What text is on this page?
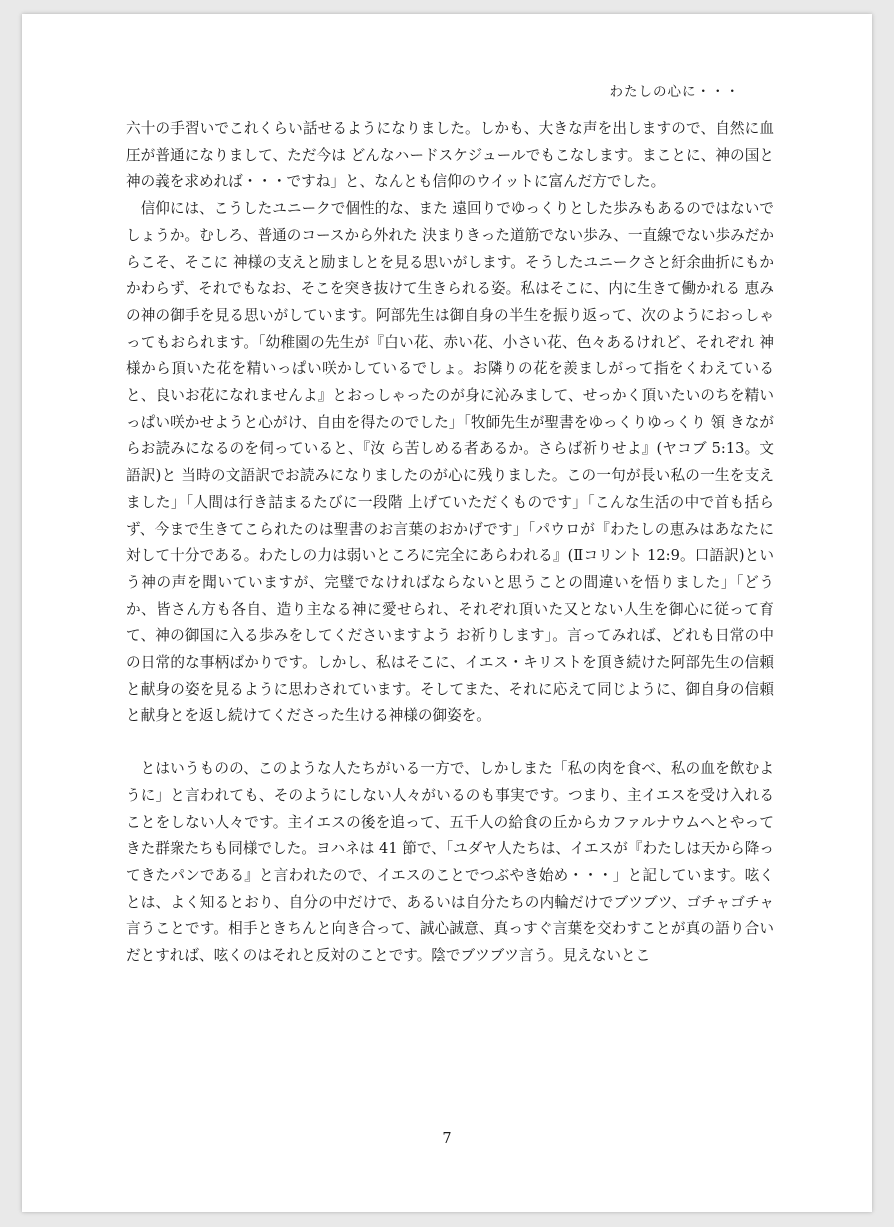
わたしの心に・・・

六十の手習いでこれくらい話せるようになりました。しかも、大きな声を出しますので、自然に血圧が普通になりまして、ただ今は どんなハードスケジュールでもこなします。まことに、神の国と神の義を求めれば・・・ですね」と、なんとも信仰のウイットに富んだ方でした。

信仰には、こうしたユニークで個性的な、また 遠回りでゆっくりとした歩みもあるのではないでしょうか。むしろ、普通のコースから外れた 決まりきった道筋でない歩み、一直線でない歩みだからこそ、そこに 神様の支えと励ましとを見る思いがします。そうしたユニークさと紆余曲折にもかかわらず、それでもなお、そこを突き抜けて生きられる姿。私はそこに、内に生きて働かれる 恵みの神の御手を見る思いがしています。阿部先生は御自身の半生を振り返って、次のようにおっしゃってもおられます。「幼稚園の先生が『白い花、赤い花、小さい花、色々あるけれど、それぞれ 神様から頂いた花を精いっぱい咲かしているでしょ。お隣りの花を羨ましがって指をくわえていると、良いお花になれませんよ』とおっしゃったのが身に沁みまして、せっかく頂いたいのちを精いっぱい咲かせようと心がけ、自由を得たのでした」「牧師先生が聖書をゆっくりゆっくり 領 きながらお読みになるのを伺っていると、『汝 ら苦しめる者あるか。さらば祈りせよ』(ヤコブ 5:13。文語訳)と 当時の文語訳でお読みになりましたのが心に残りました。この一句が長い私の一生を支えました」「人間は行き詰まるたびに一段階 上げていただくものです」「こんな生活の中で首も括らず、今まで生きてこられたのは聖書のお言葉のおかげです」「パウロが『わたしの恵みはあなたに対して十分である。わたしの力は弱いところに完全にあらわれる』(Ⅱコリント 12:9。口語訳)という神の声を聞いていますが、完璧でなければならないと思うことの間違いを悟りました」「どうか、皆さん方も各自、造り主なる神に愛せられ、それぞれ頂いた又とない人生を御心に従って育て、神の御国に入る歩みをしてくださいますよう お祈りします」。言ってみれば、どれも日常の中の日常的な事柄ばかりです。しかし、私はそこに、イエス・キリストを頂き続けた阿部先生の信頼と献身の姿を見るように思わされています。そしてまた、それに応えて同じように、御自身の信頼と献身とを返し続けてくださった生ける神様の御姿を。

とはいうものの、このような人たちがいる一方で、しかしまた「私の肉を食べ、私の血を飲むように」と言われても、そのようにしない人々がいるのも事実です。つまり、主イエスを受け入れることをしない人々です。主イエスの後を追って、五千人の給食の丘からカファルナウムへとやってきた群衆たちも同様でした。ヨハネは 41 節で、「ユダヤ人たちは、イエスが『わたしは天から降ってきたパンである』と言われたので、イエスのことでつぶやき始め・・・」と記しています。呟くとは、よく知るとおり、自分の中だけで、あるいは自分たちの内輪だけでブツブツ、ゴチャゴチャ言うことです。相手ときちんと向き合って、誠心誠意、真っすぐ言葉を交わすことが真の語り合いだとすれば、呟くのはそれと反対のことです。陰でブツブツ言う。見えないとこ

7
